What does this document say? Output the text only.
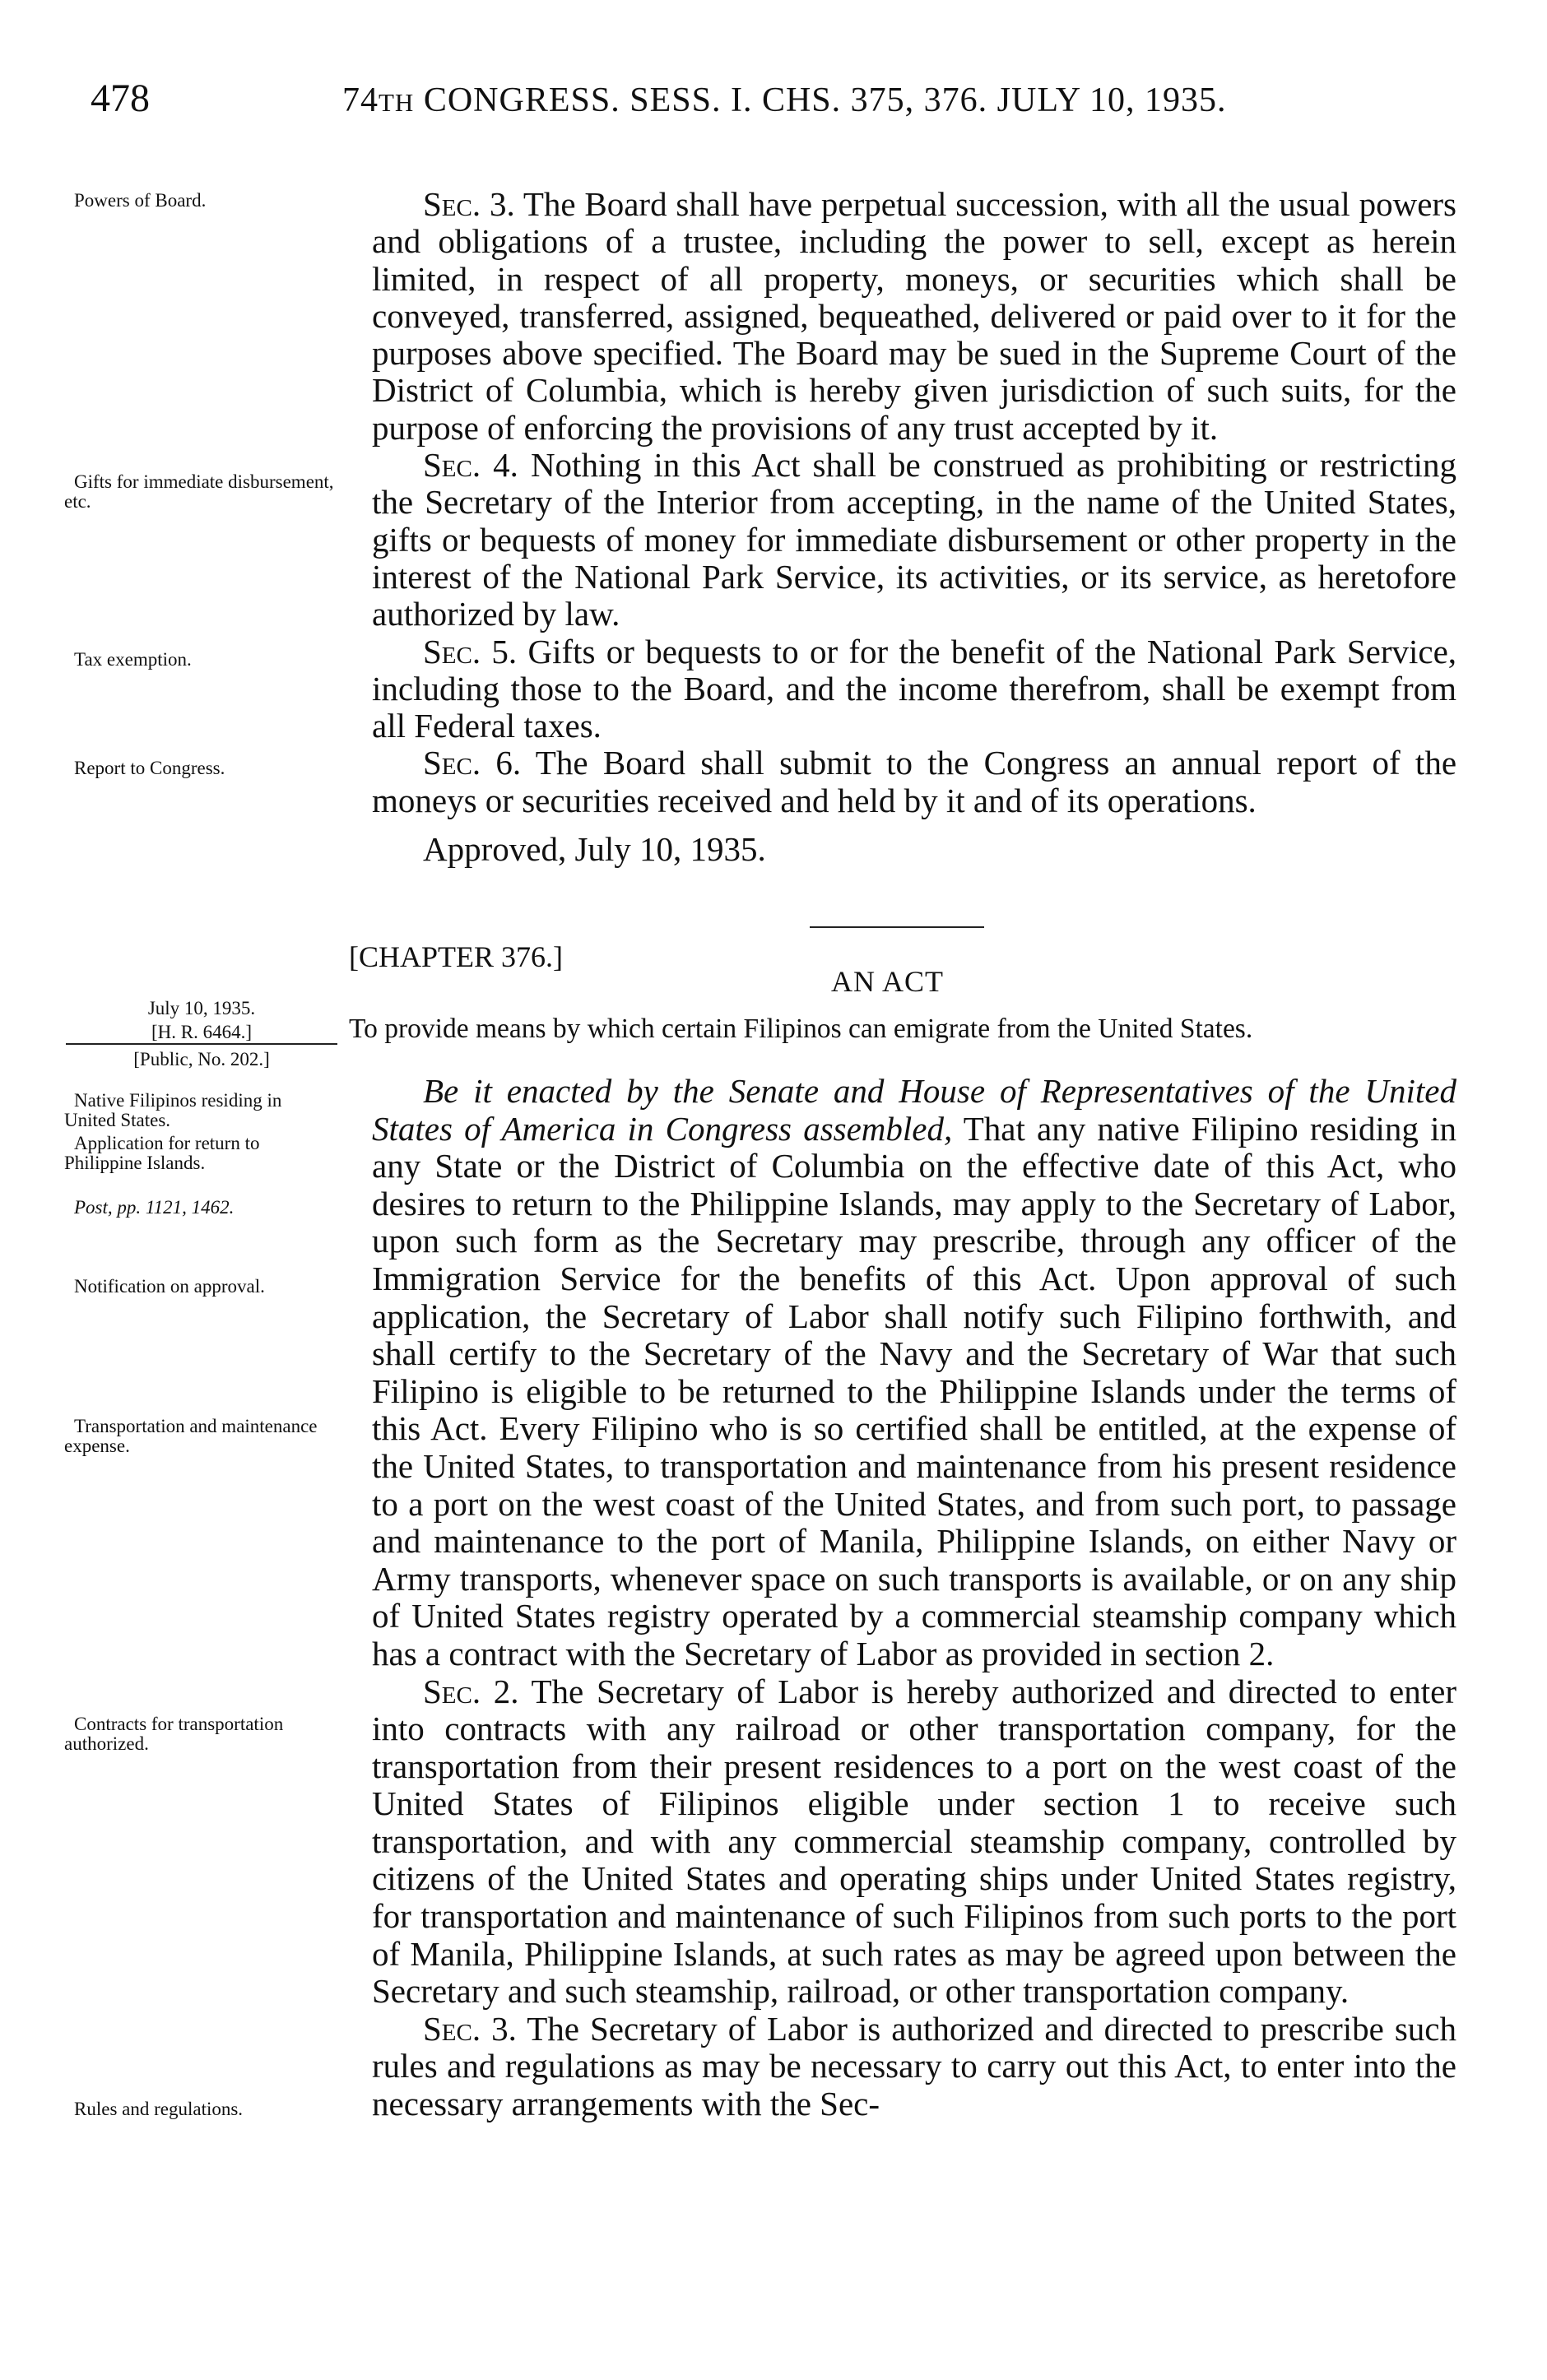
478	74TH CONGRESS. SESS. I. CHS. 375, 376. JULY 10, 1935.
Powers of Board.
Gifts for immediate disbursement, etc.
Tax exemption.
Report to Congress.
July 10, 1935.
[H. R. 6464.]
[Public, No. 202.]
Native Filipinos residing in United States.
Application for return to Philippine Islands.
Post, pp. 1121, 1462.
Notification on approval.
Transportation and maintenance expense.
Contracts for transportation authorized.
Rules and regulations.

Sec. 3. The Board shall have perpetual succession, with all the usual powers and obligations of a trustee, including the power to sell, except as herein limited, in respect of all property, moneys, or securities which shall be conveyed, transferred, assigned, bequeathed, delivered or paid over to it for the purposes above specified. The Board may be sued in the Supreme Court of the District of Columbia, which is hereby given jurisdiction of such suits, for the purpose of enforcing the provisions of any trust accepted by it.

Sec. 4. Nothing in this Act shall be construed as prohibiting or restricting the Secretary of the Interior from accepting, in the name of the United States, gifts or bequests of money for immediate disbursement or other property in the interest of the National Park Service, its activities, or its service, as heretofore authorized by law.

Sec. 5. Gifts or bequests to or for the benefit of the National Park Service, including those to the Board, and the income therefrom, shall be exempt from all Federal taxes.

Sec. 6. The Board shall submit to the Congress an annual report of the moneys or securities received and held by it and of its operations.

Approved, July 10, 1935.

[CHAPTER 376.]
AN ACT
To provide means by which certain Filipinos can emigrate from the United States.

Be it enacted by the Senate and House of Representatives of the United States of America in Congress assembled, That any native Filipino residing in any State or the District of Columbia on the effective date of this Act, who desires to return to the Philippine Islands, may apply to the Secretary of Labor, upon such form as the Secretary may prescribe, through any officer of the Immigration Service for the benefits of this Act. Upon approval of such application, the Secretary of Labor shall notify such Filipino forthwith, and shall certify to the Secretary of the Navy and the Secretary of War that such Filipino is eligible to be returned to the Philippine Islands under the terms of this Act. Every Filipino who is so certified shall be entitled, at the expense of the United States, to transportation and maintenance from his present residence to a port on the west coast of the United States, and from such port, to passage and maintenance to the port of Manila, Philippine Islands, on either Navy or Army transports, whenever space on such transports is available, or on any ship of United States registry operated by a commercial steamship company which has a contract with the Secretary of Labor as provided in section 2.

Sec. 2. The Secretary of Labor is hereby authorized and directed to enter into contracts with any railroad or other transportation company, for the transportation from their present residences to a port on the west coast of the United States of Filipinos eligible under section 1 to receive such transportation, and with any commercial steamship company, controlled by citizens of the United States and operating ships under United States registry, for transportation and maintenance of such Filipinos from such ports to the port of Manila, Philippine Islands, at such rates as may be agreed upon between the Secretary and such steamship, railroad, or other transportation company.

Sec. 3. The Secretary of Labor is authorized and directed to prescribe such rules and regulations as may be necessary to carry out this Act, to enter into the necessary arrangements with the Sec-
